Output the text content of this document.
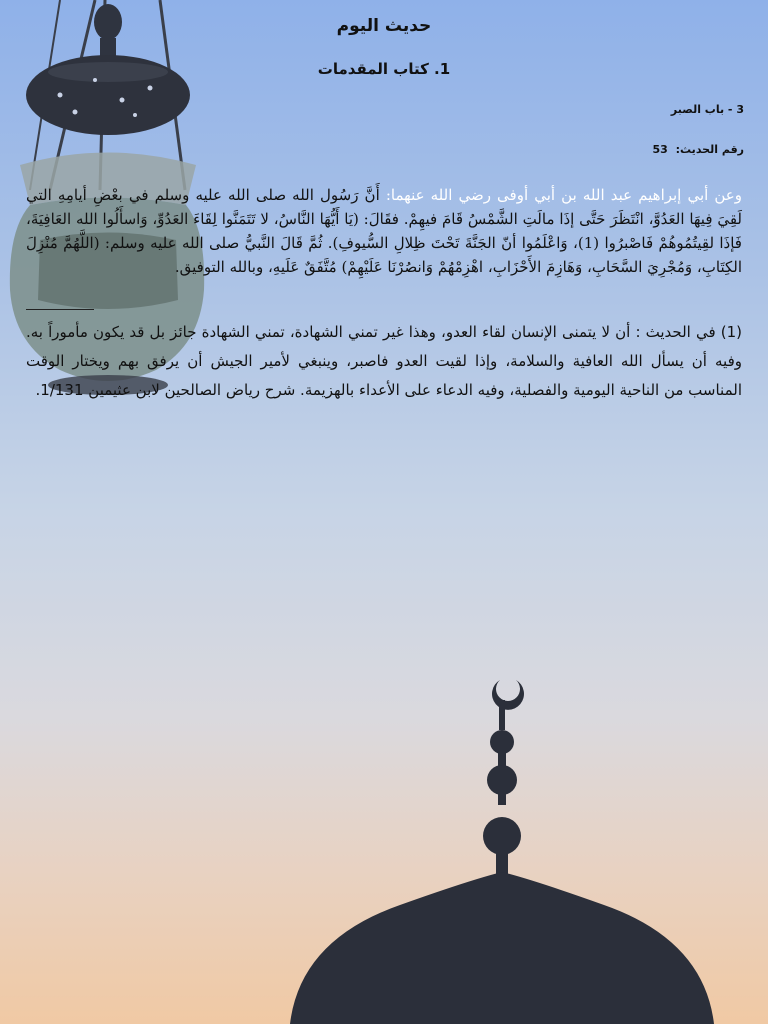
حديث اليوم
1. كتاب المقدمات
3 - باب الصبر
رقم الحديث: 53
وعن أبي إبراهيم عبد الله بن أبي أوفى رضي الله عنهما: أَنَّ رَسُول الله صلى الله عليه وسلم في بعْضِ أيامِهِ التي لَقِيَ فِيهَا العَدُوَّ، انْتَظَرَ حَتَّى إذَا مالَتِ الشَّمْسُ قَامَ فيهِمْ. فقَالَ: (يَا أَيُّهَا النَّاسُ، لا تَتَمَنَّوا لِقَاءَ العَدُوِّ، وَاسأَلُوا الله العَافِيَةَ، فَإذَا لقِيتُمُوهُمْ فَاصْبرُوا (1)، وَاعْلَمُوا أنّ الجَنَّةَ تَحْتَ ظِلالِ السُّيوفِ). ثُمَّ قَالَ النَّبيُّ صلى الله عليه وسلم: (اللَّهُمَّ مُنْزِلَ الكِتَابِ، وَمُجْرِيَ السَّحَابِ، وَهَازِمَ الأَحْزَابِ، اهْزِمْهُمْ وَانصُرْنَا عَلَيْهِمْ) مُتَّفَقٌ عَلَيهِ، وبالله التوفيق.
(1) في الحديث : أن لا يتمنى الإنسان لقاء العدو، وهذا غير تمني الشهادة، تمني الشهادة جائز بل قد يكون مأموراً به. وفيه أن يسأل الله العافية والسلامة، وإذا لقيت العدو فاصبر، وينبغي لأمير الجيش أن يرفق بهم ويختار الوقت المناسب من الناحية اليومية والفصلية، وفيه الدعاء على الأعداء بالهزيمة. شرح رياض الصالحين لابن عثيمين 1/131.
